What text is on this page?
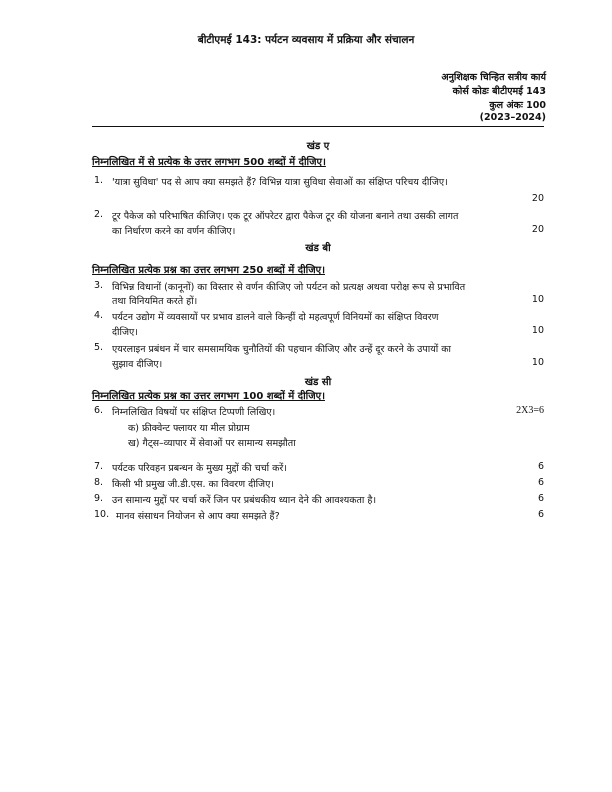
बीटीएमई 143: पर्यटन व्यवसाय में प्रक्रिया और संचालन
अनुशिक्षक चिन्हित सत्रीय कार्य
कोर्स कोडः बीटीएमई 143
कुल अंकः 100
(2023–2024)
खंड ए
निम्नलिखित में से प्रत्येक के उत्तर लगभग 500 शब्दों में दीजिए।
1. 'यात्रा सुविधा' पद से आप क्या समझते हैं? विभिन्न यात्रा सुविधा सेवाओं का संक्षिप्त परिचय दीजिए।
20
2. टूर पैकेज को परिभाषित कीजिए। एक टूर ऑपरेटर द्वारा पैकेज टूर की योजना बनाने तथा उसकी लागत
का निर्धारण करने का वर्णन कीजिए।	20
खंड बी
निम्नलिखित प्रत्येक प्रश्न का उत्तर लगभग 250 शब्दों में दीजिए।
3. विभिन्न विधानों (कानूनों) का विस्तार से वर्णन कीजिए जो पर्यटन को प्रत्यक्ष अथवा परोक्ष रूप से प्रभावित
तथा विनियमित करते हों।	10
4. पर्यटन उद्योग में व्यवसायों पर प्रभाव डालने वाले किन्हीं दो महत्वपूर्ण विनियमों का संक्षिप्त विवरण
दीजिए।	10
5. एयरलाइन प्रबंधन में चार समसामयिक चुनौतियों की पहचान कीजिए और उन्हें दूर करने के उपायों का
सुझाव दीजिए।	10
खंड सी
निम्नलिखित प्रत्येक प्रश्न का उत्तर लगभग 100 शब्दों में दीजिए।
6. निम्नलिखित विषयों पर संक्षिप्त टिप्पणी लिखिए।	2X3=6
क) फ्रीक्वेन्ट फ्लायर या मील प्रोग्राम
ख) गैट्स–व्यापार में सेवाओं पर सामान्य समझौता
7. पर्यटक परिवहन प्रबन्धन के मुख्य मुद्दों की चर्चा करें।	6
8. किसी भी प्रमुख जी.डी.एस. का विवरण दीजिए।	6
9. उन सामान्य मुद्दों पर चर्चा करें जिन पर प्रबंधकीय ध्यान देने की आवश्यकता है।	6
10. मानव संसाधन नियोजन से आप क्या समझते हैं?	6
